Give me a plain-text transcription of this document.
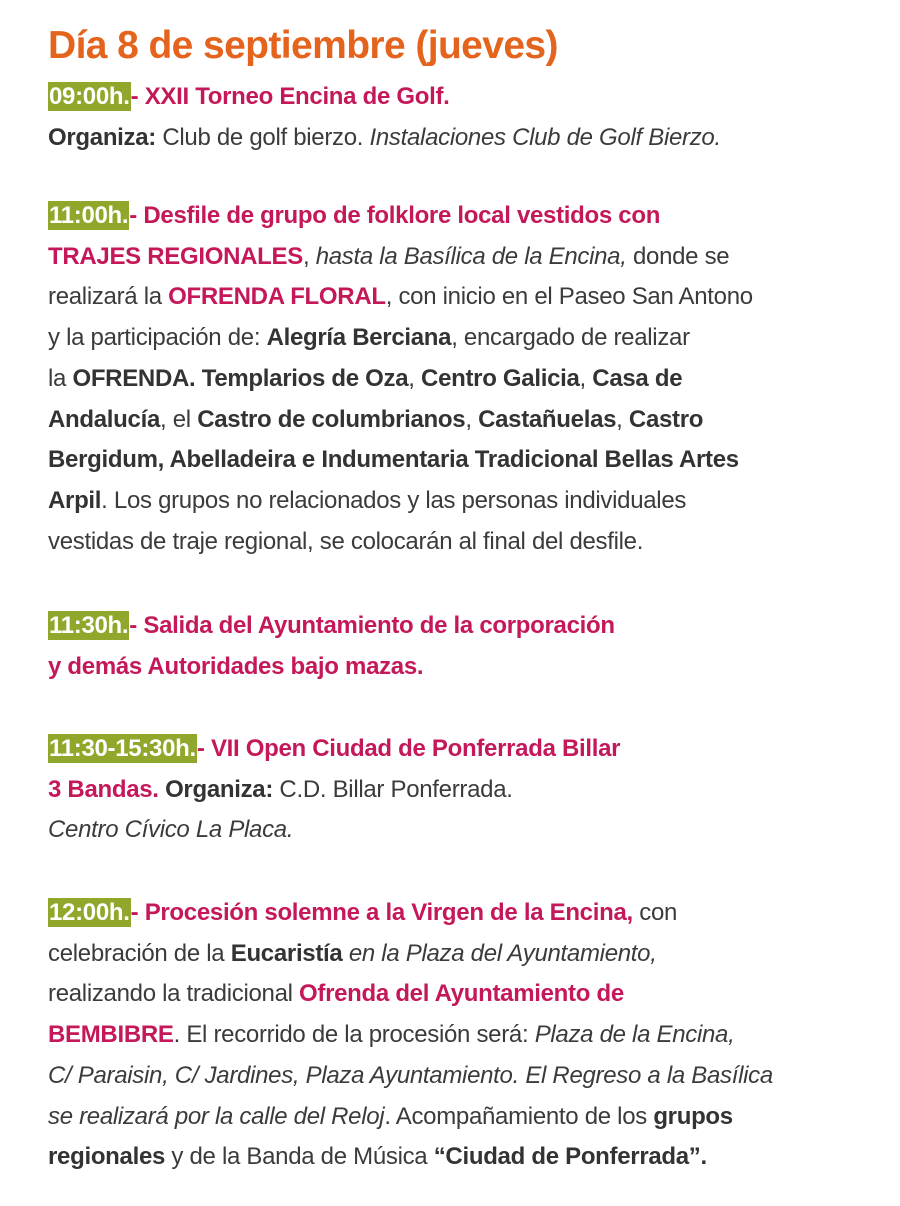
Día 8 de septiembre (jueves)
09:00h.- XXII Torneo Encina de Golf.
Organiza: Club de golf bierzo. Instalaciones Club de Golf Bierzo.
11:00h.- Desfile de grupo de folklore local vestidos con
TRAJES REGIONALES, hasta la Basílica de la Encina, donde se
realizará la OFRENDA FLORAL, con inicio en el Paseo San Antono
y la participación de: Alegría Berciana, encargado de realizar
la OFRENDA. Templarios de Oza, Centro Galicia, Casa de
Andalucía, el Castro de columbrianos, Castañuelas, Castro
Bergidum, Abelladeira e Indumentaria Tradicional Bellas Artes
Arpil. Los grupos no relacionados y las personas individuales
vestidas de traje regional, se colocarán al final del desfile.
11:30h.- Salida del Ayuntamiento de la corporación
y demás Autoridades bajo mazas.
11:30-15:30h.- VII Open Ciudad de Ponferrada Billar
3 Bandas. Organiza: C.D. Billar Ponferrada.
Centro Cívico La Placa.
12:00h.- Procesión solemne a la Virgen de la Encina, con
celebración de la Eucaristía en la Plaza del Ayuntamiento,
realizando la tradicional Ofrenda del Ayuntamiento de
BEMBIBRE. El recorrido de la procesión será: Plaza de la Encina,
C/ Paraisin, C/ Jardines, Plaza Ayuntamiento. El Regreso a la Basílica
se realizará por la calle del Reloj. Acompañamiento de los grupos
regionales y de la Banda de Música “Ciudad de Ponferrada”.
